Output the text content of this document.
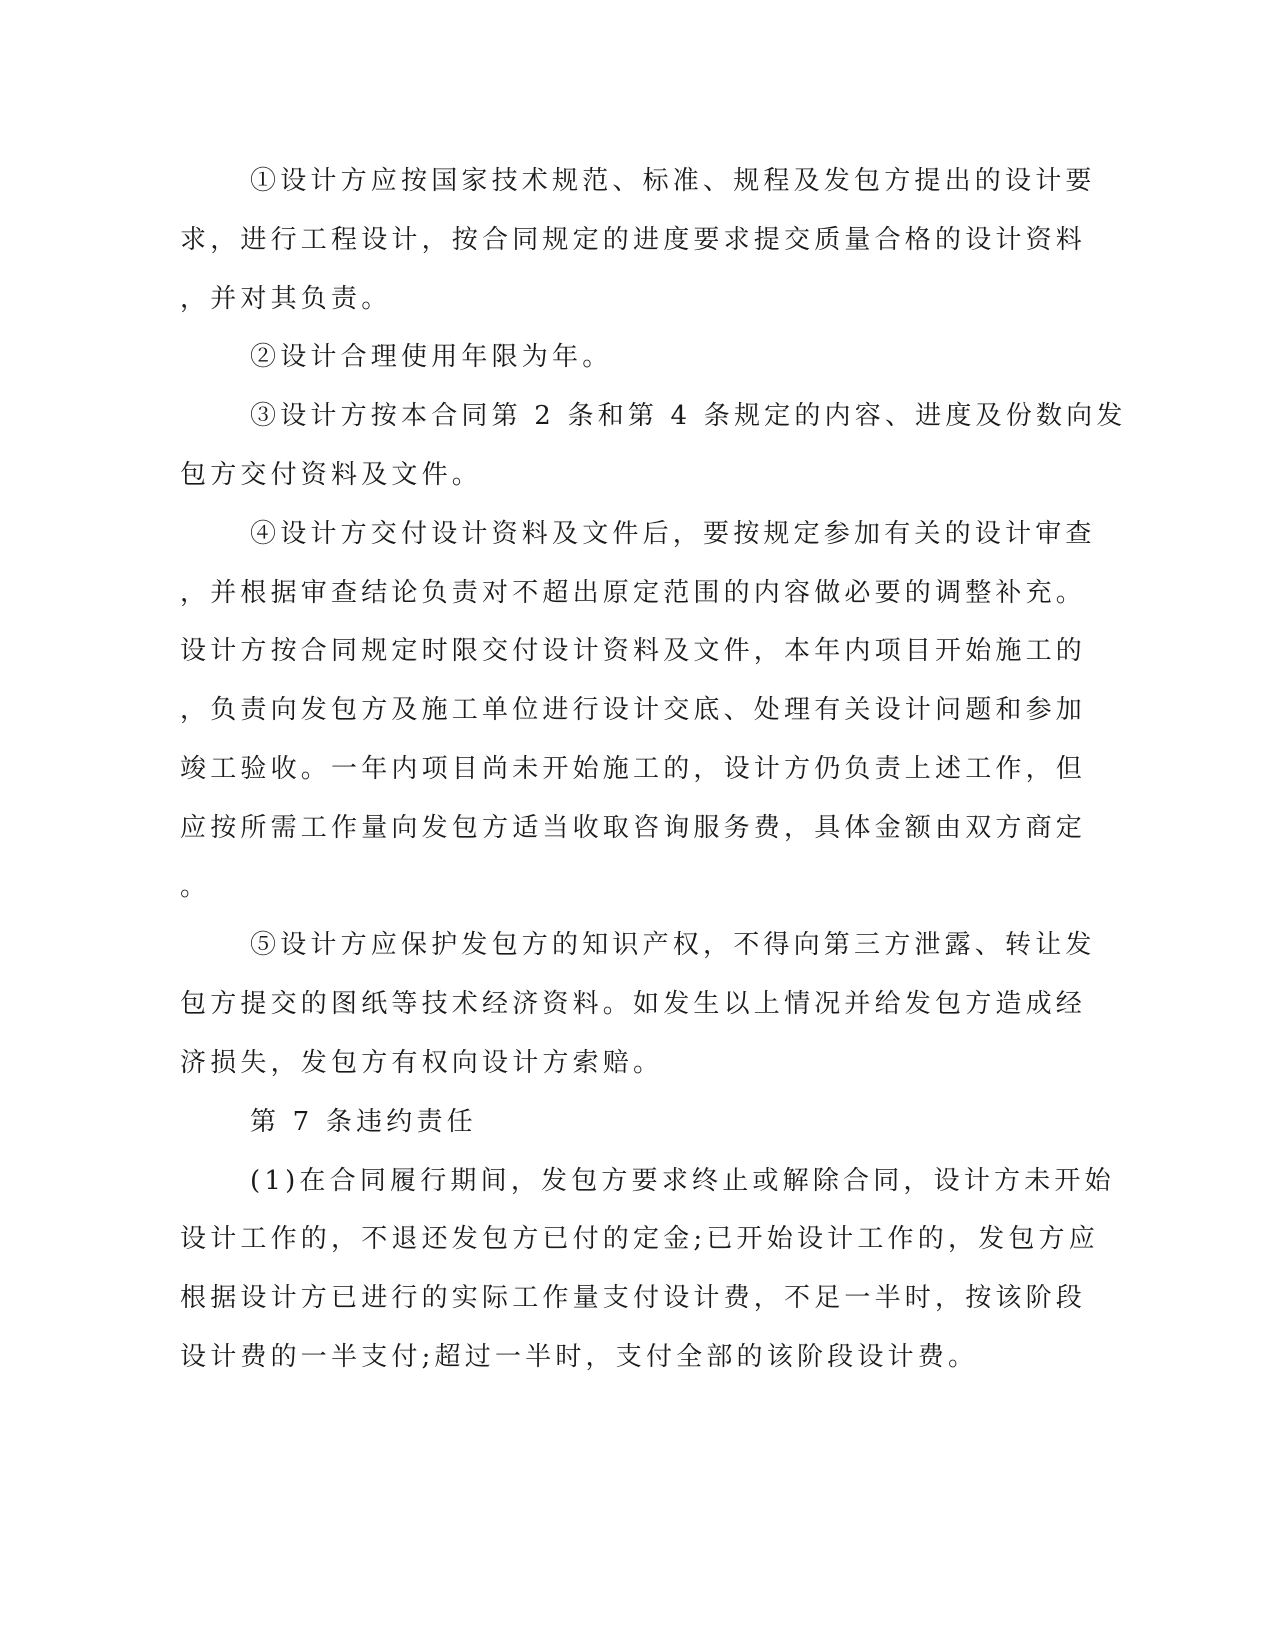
①设计方应按国家技术规范、标准、规程及发包方提出的设计要
求，进行工程设计，按合同规定的进度要求提交质量合格的设计资料
，并对其负责。
②设计合理使用年限为年。
③设计方按本合同第 2 条和第 4 条规定的内容、进度及份数向发
包方交付资料及文件。
④设计方交付设计资料及文件后，要按规定参加有关的设计审查
，并根据审查结论负责对不超出原定范围的内容做必要的调整补充。
设计方按合同规定时限交付设计资料及文件，本年内项目开始施工的
，负责向发包方及施工单位进行设计交底、处理有关设计问题和参加
竣工验收。一年内项目尚未开始施工的，设计方仍负责上述工作，但
应按所需工作量向发包方适当收取咨询服务费，具体金额由双方商定
。
⑤设计方应保护发包方的知识产权，不得向第三方泄露、转让发
包方提交的图纸等技术经济资料。如发生以上情况并给发包方造成经
济损失，发包方有权向设计方索赔。
第 7 条违约责任
(1)在合同履行期间，发包方要求终止或解除合同，设计方未开始
设计工作的，不退还发包方已付的定金;已开始设计工作的，发包方应
根据设计方已进行的实际工作量支付设计费，不足一半时，按该阶段
设计费的一半支付;超过一半时，支付全部的该阶段设计费。
